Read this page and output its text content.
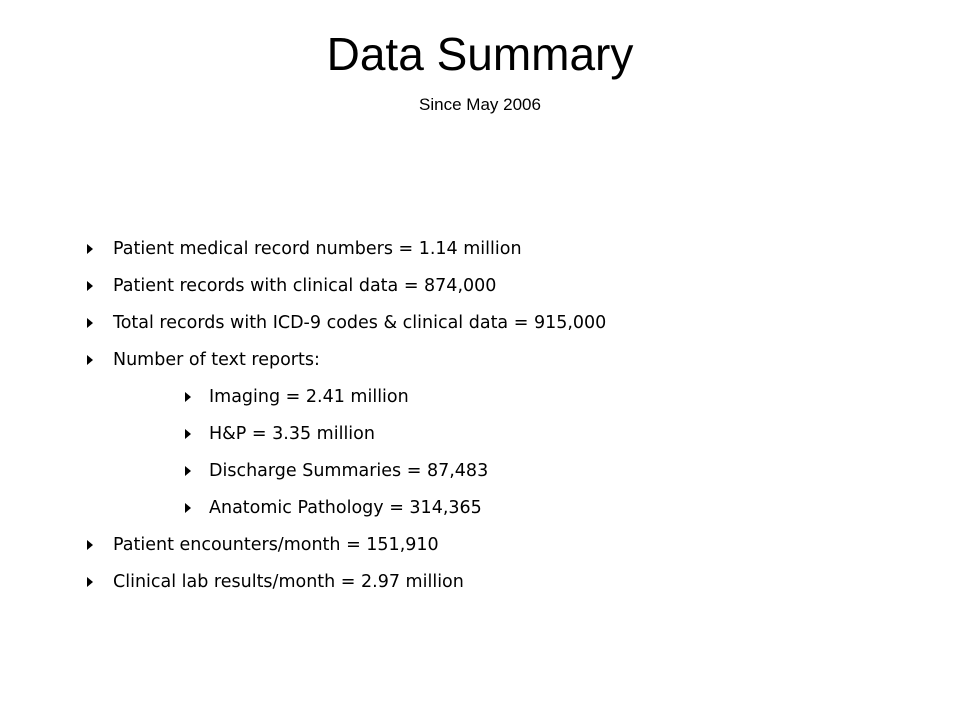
Data Summary
Since May 2006
Patient medical record numbers = 1.14 million
Patient records with clinical data = 874,000
Total records with ICD-9 codes & clinical data = 915,000
Number of text reports:
Imaging = 2.41 million
H&P = 3.35 million
Discharge Summaries = 87,483
Anatomic Pathology = 314,365
Patient encounters/month = 151,910
Clinical lab results/month = 2.97 million
